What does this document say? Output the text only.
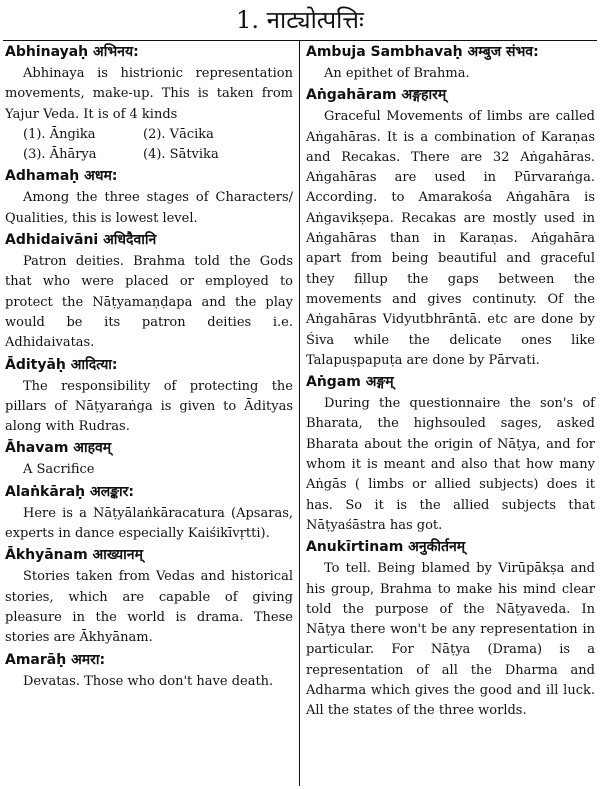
1. नाट्योत्पत्तिः
Abhinayaḥ अभिनय:

Abhinaya is histrionic representation movements, make-up. This is taken from Yajur Veda. It is of 4 kinds

(1). Āngika	(2). Vācika
(3). Āhārya	(4). Sātvika
Adhamaḥ अधम:

Among the three stages of Characters/ Qualities, this is lowest level.

Adhidaivāni अधिदैवानि

Patron deities. Brahma told the Gods that who were placed or employed to protect the Nāṭyamaṇḍapa and the play would be its patron deities i.e. Adhidaivatas.

Ādityāḥ आदित्या:

The responsibility of protecting the pillars of Nāṭyaraṅga is given to Ādityas along with Rudras.

Āhavam आहवम्

A Sacrifice

Alaṅkāraḥ अलङ्कार:

Here is a Nāṭyālaṅkāracatura (Apsaras, experts in dance especially Kaiśikīvṛtti).

Ākhyānam आख्यानम्

Stories taken from Vedas and historical stories, which are capable of giving pleasure in the world is drama. These stories are Ākhyānam.

Amarāḥ अमरा:

Devatas. Those who don't have death.

Ambuja Sambhavaḥ अम्बुज संभव:

An epithet of Brahma.

Aṅgahāram अङ्गहारम्

Graceful Movements of limbs are called Aṅgahāras. It is a combination of Karaṇas and Recakas. There are 32 Aṅgahāras. Aṅgahāras are used in Pūrvaraṅga. According. to Amarakośa Aṅgahāra is Aṅgavikṣepa. Recakas are mostly used in Aṅgahāras than in Karaṇas. Aṅgahāra apart from being beautiful and graceful they fillup the gaps between the movements and gives continuty. Of the Aṅgahāras Vidyutbhrāntā. etc are done by Śiva while the delicate ones like Talapuṣpapuṭa are done by Pārvati.

Aṅgam अङ्गम्

During the questionnaire the son's of Bharata, the highsouled sages, asked Bharata about the origin of Nāṭya, and for whom it is meant and also that how many Aṅgās ( limbs or allied subjects) does it has. So it is the allied subjects that Nāṭyaśāstra has got.

Anukīrtinam अनुकीर्तनम्

To tell. Being blamed by Virūpākṣa and his group, Brahma to make his mind clear told the purpose of the Nāṭyaveda. In Nāṭya there won't be any representation in particular. For Nāṭya (Drama) is a representation of all the Dharma and Adharma which gives the good and ill luck. All the states of the three worlds.
